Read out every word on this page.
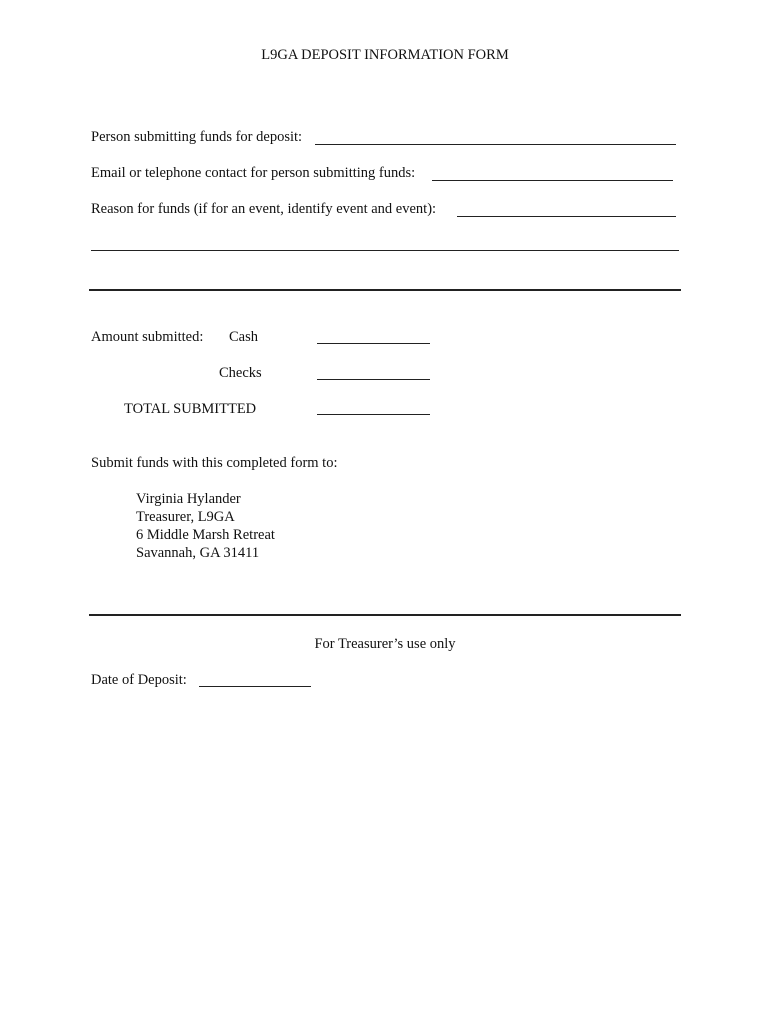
L9GA DEPOSIT INFORMATION FORM
Person submitting funds for deposit:
Email or telephone contact for person submitting funds:
Reason for funds (if for an event, identify event and event):
Amount submitted: Cash
Checks
TOTAL SUBMITTED
Submit funds with this completed form to:
Virginia Hylander
Treasurer, L9GA
6 Middle Marsh Retreat
Savannah, GA 31411
For Treasurer’s use only
Date of Deposit:
